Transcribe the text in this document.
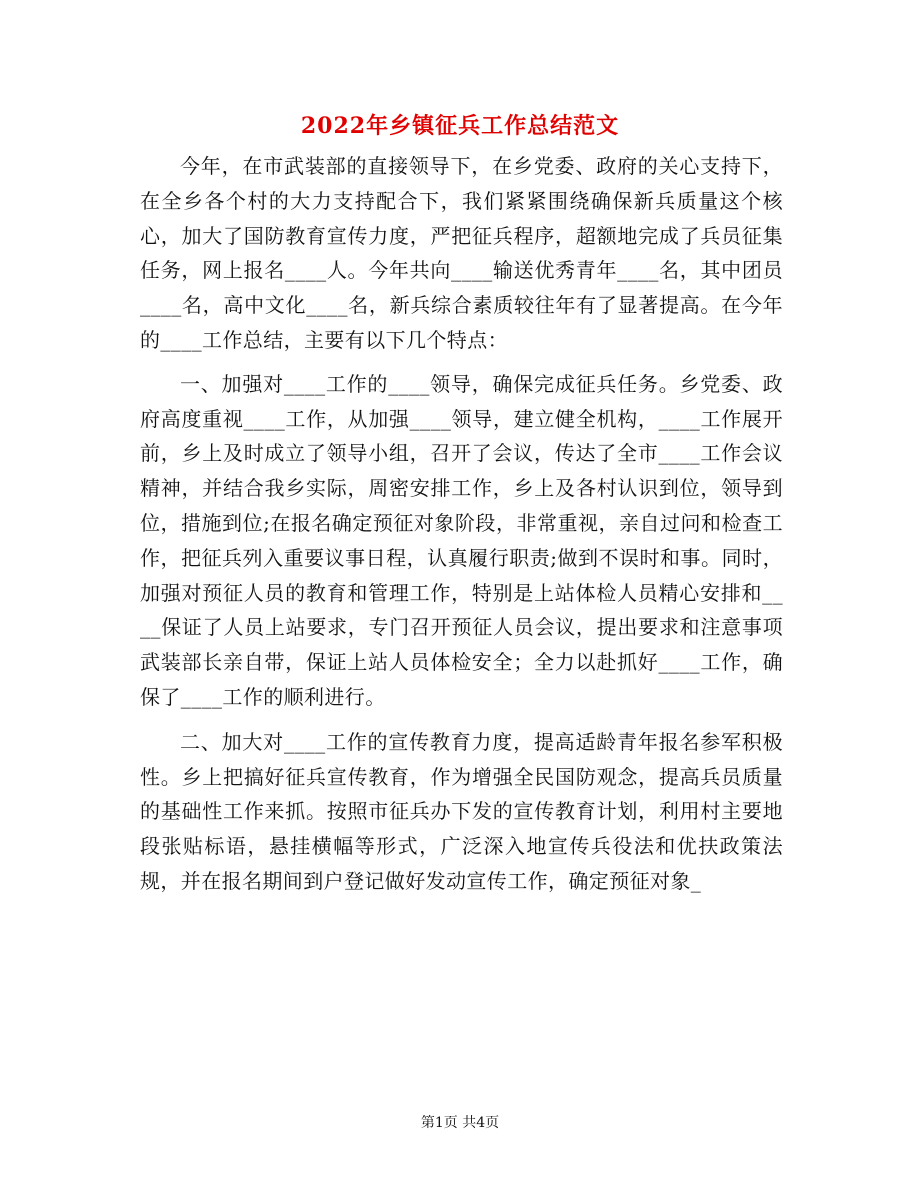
2022年乡镇征兵工作总结范文

今年，在市武装部的直接领导下，在乡党委、政府的关心支持下，在全乡各个村的大力支持配合下，我们紧紧围绕确保新兵质量这个核心，加大了国防教育宣传力度，严把征兵程序，超额地完成了兵员征集任务，网上报名____人。今年共向____输送优秀青年____名，其中团员____名，高中文化____名，新兵综合素质较往年有了显著提高。在今年的____工作总结，主要有以下几个特点：

一、加强对____工作的____领导，确保完成征兵任务。乡党委、政府高度重视____工作，从加强____领导，建立健全机构，____工作展开前，乡上及时成立了领导小组，召开了会议，传达了全市____工作会议精神，并结合我乡实际，周密安排工作，乡上及各村认识到位，领导到位，措施到位;在报名确定预征对象阶段，非常重视，亲自过问和检查工作，把征兵列入重要议事日程，认真履行职责;做到不误时和事。同时，加强对预征人员的教育和管理工作，特别是上站体检人员精心安排和____保证了人员上站要求，专门召开预征人员会议，提出要求和注意事项武装部长亲自带，保证上站人员体检安全；全力以赴抓好____工作，确保了____工作的顺利进行。

二、加大对____工作的宣传教育力度，提高适龄青年报名参军积极性。乡上把搞好征兵宣传教育，作为增强全民国防观念，提高兵员质量的基础性工作来抓。按照市征兵办下发的宣传教育计划，利用村主要地段张贴标语，悬挂横幅等形式，广泛深入地宣传兵役法和优扶政策法规，并在报名期间到户登记做好发动宣传工作，确定预征对象_

第1页 共4页
